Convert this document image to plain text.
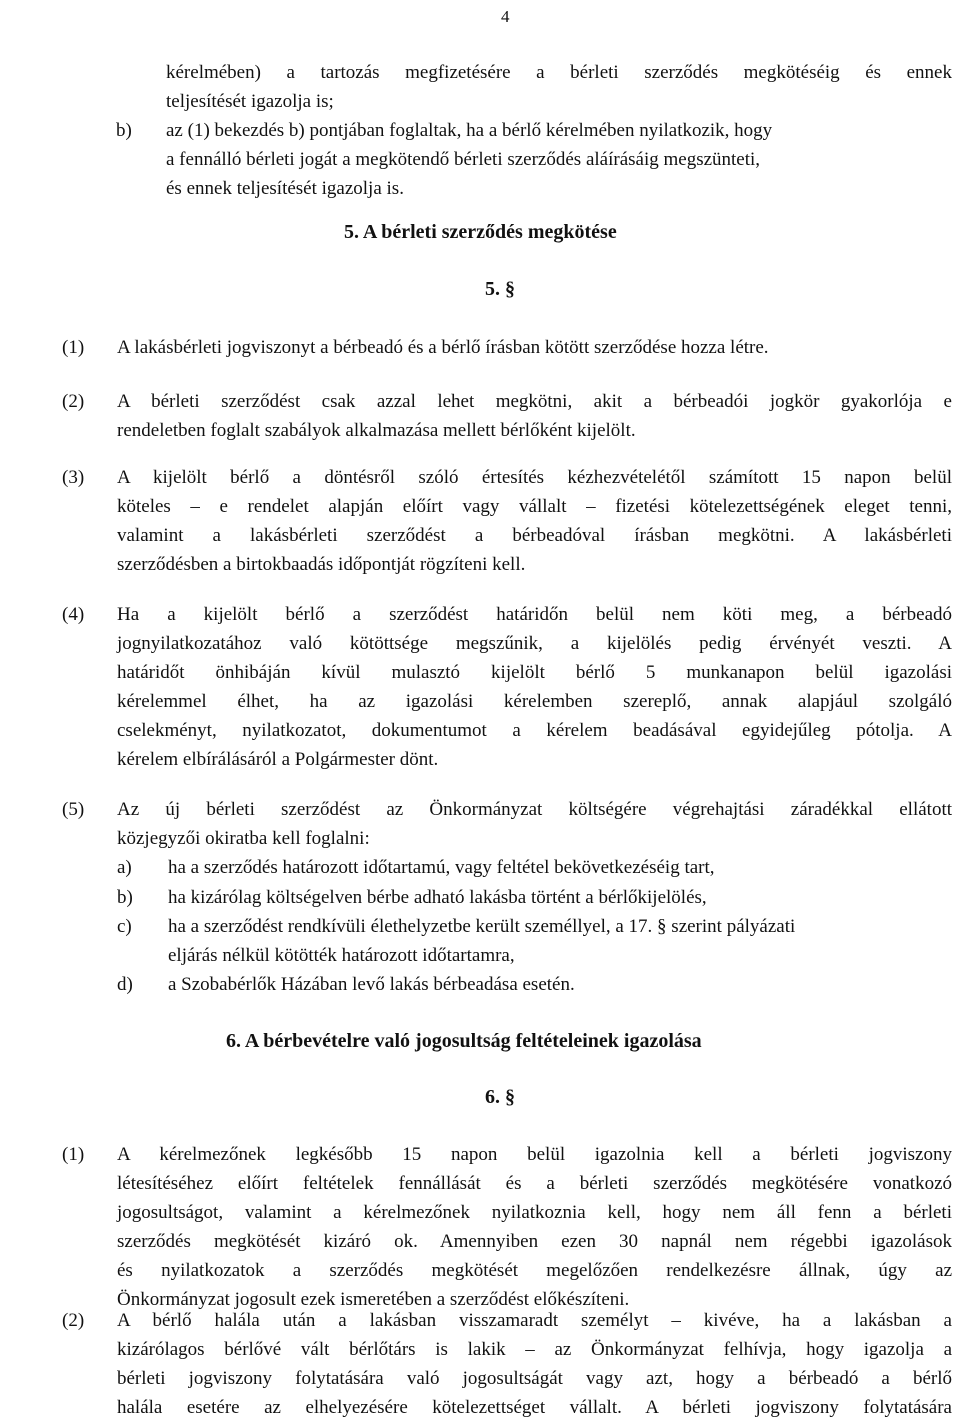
4
kérelmében) a tartozás megfizetésére a bérleti szerződés megkötéséig és ennek
teljesítését igazolja is;
b) az (1) bekezdés b) pontjában foglaltak, ha a bérlő kérelmében nyilatkozik, hogy
a fennálló bérleti jogát a megkötendő bérleti szerződés aláírásáig megszünteti,
és ennek teljesítését igazolja is.
5. A bérleti szerződés megkötése
5. §
(1) A lakásbérleti jogviszonyt a bérbeadó és a bérlő írásban kötött szerződése hozza létre.
(2) A bérleti szerződést csak azzal lehet megkötni, akit a bérbeadói jogkör gyakorlója e
rendeletben foglalt szabályok alkalmazása mellett bérlőként kijelölt.
(3) A kijelölt bérlő a döntésről szóló értesítés kézhezvételétől számított 15 napon belül
köteles – e rendelet alapján előírt vagy vállalt – fizetési kötelezettségének eleget tenni,
valamint a lakásbérleti szerződést a bérbeadóval írásban megkötni. A lakásbérleti
szerződésben a birtokbaadás időpontját rögzíteni kell.
(4) Ha a kijelölt bérlő a szerződést határidőn belül nem köti meg, a bérbeadó
jognyilatkozatához való kötöttsége megszűnik, a kijelölés pedig érvényét veszti. A
határidőt önhibáján kívül mulasztó kijelölt bérlő 5 munkanapon belül igazolási
kérelemmel élhet, ha az igazolási kérelemben szereplő, annak alapjául szolgáló
cselekményt, nyilatkozatot, dokumentumot a kérelem beadásával egyidejűleg pótolja. A
kérelem elbírálásáról a Polgármester dönt.
(5) Az új bérleti szerződést az Önkormányzat költségére végrehajtási záradékkal ellátott
közjegyzői okiratba kell foglalni:
a) ha a szerződés határozott időtartamú, vagy feltétel bekövetkezéséig tart,
b) ha kizárólag költségelven bérbe adható lakásba történt a bérlőkijelölés,
c) ha a szerződést rendkívüli élethelyzetbe került személlyel, a 17. § szerint pályázati
eljárás nélkül kötötték határozott időtartamra,
d) a Szobabérlők Házában levő lakás bérbeadása esetén.
6. A bérbevételre való jogosultság feltételeinek igazolása
6. §
(1) A kérelmezőnek legkésőbb 15 napon belül igazolnia kell a bérleti jogviszony
létesítéséhez előírt feltételek fennállását és a bérleti szerződés megkötésére vonatkozó
jogosultságot, valamint a kérelmezőnek nyilatkoznia kell, hogy nem áll fenn a bérleti
szerződés megkötését kizáró ok. Amennyiben ezen 30 napnál nem régebbi igazolások
és nyilatkozatok a szerződés megkötését megelőzően rendelkezésre állnak, úgy az
Önkormányzat jogosult ezek ismeretében a szerződést előkészíteni.
(2) A bérlő halála után a lakásban visszamaradt személyt – kivéve, ha a lakásban a
kizárólagos bérlővé vált bérlőtárs is lakik – az Önkormányzat felhívja, hogy igazolja a
bérleti jogviszony folytatására való jogosultságát vagy azt, hogy a bérbeadó a bérlő
halála esetére az elhelyezésére kötelezettséget vállalt. A bérleti jogviszony folytatására
